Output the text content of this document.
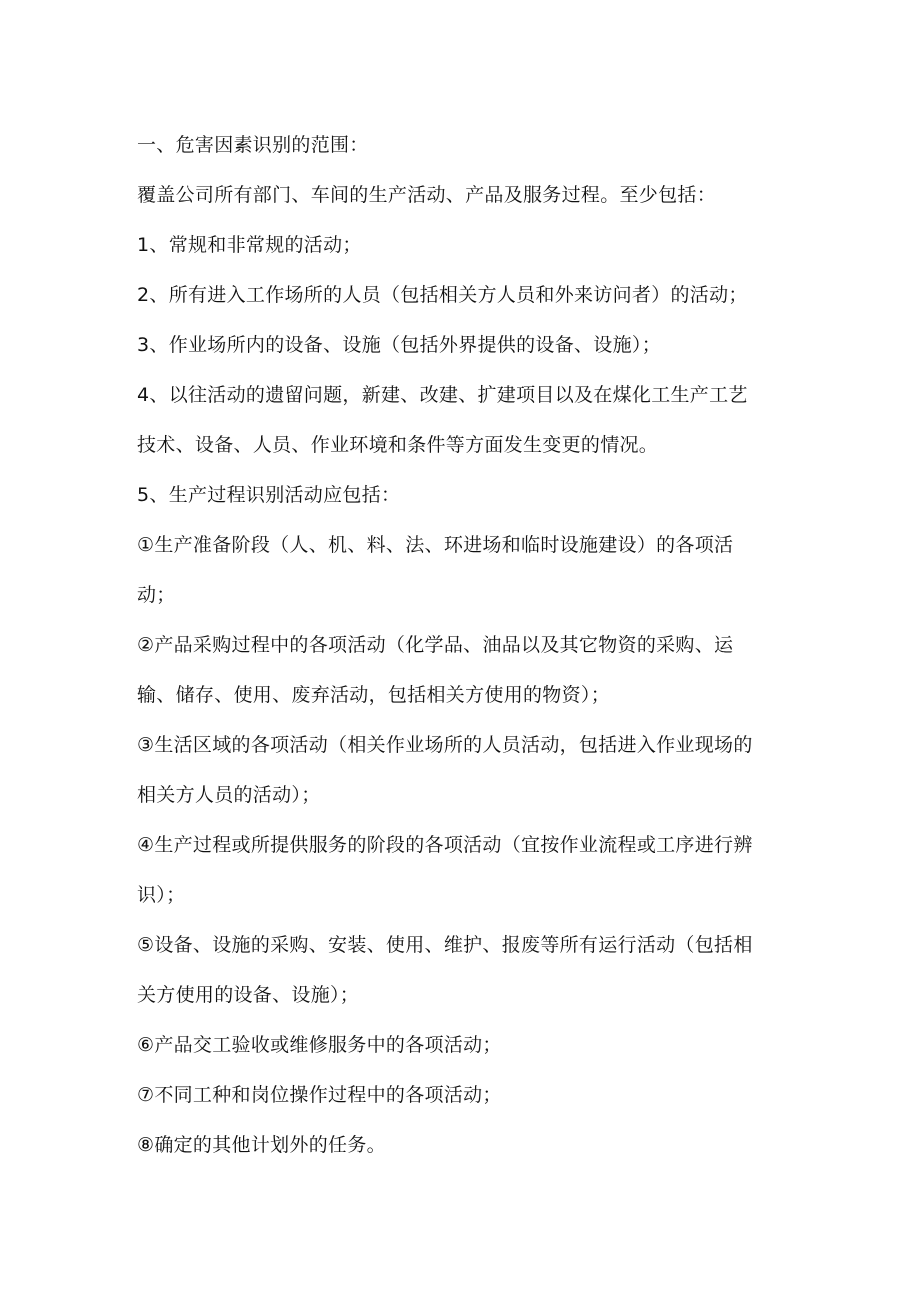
一、危害因素识别的范围：

覆盖公司所有部门、车间的生产活动、产品及服务过程。至少包括：

1、常规和非常规的活动；

2、所有进入工作场所的人员（包括相关方人员和外来访问者）的活动；

3、作业场所内的设备、设施（包括外界提供的设备、设施）；

4、以往活动的遗留问题，新建、改建、扩建项目以及在煤化工生产工艺

技术、设备、人员、作业环境和条件等方面发生变更的情况。

5、生产过程识别活动应包括：

①生产准备阶段（人、机、料、法、环进场和临时设施建设）的各项活

动；

②产品采购过程中的各项活动（化学品、油品以及其它物资的采购、运

输、储存、使用、废弃活动，包括相关方使用的物资）；

③生活区域的各项活动（相关作业场所的人员活动，包括进入作业现场的

相关方人员的活动）；

④生产过程或所提供服务的阶段的各项活动（宜按作业流程或工序进行辨

识）；

⑤设备、设施的采购、安装、使用、维护、报废等所有运行活动（包括相

关方使用的设备、设施）；

⑥产品交工验收或维修服务中的各项活动；

⑦不同工种和岗位操作过程中的各项活动；

⑧确定的其他计划外的任务。
